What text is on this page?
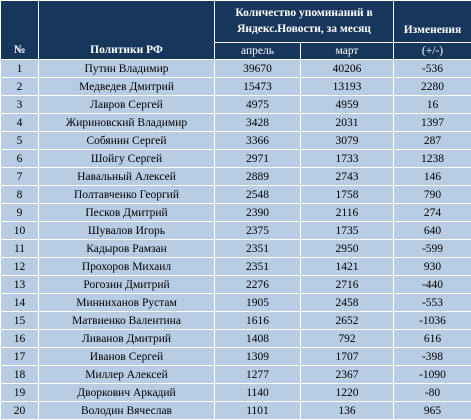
№	Политики РФ	Количество упоминаний в Яндекс.Новости, за месяц		Изменения
		апрель	март	(+/-)
1	Путин Владимир	39670	40206	-536
2	Медведев Дмитрий	15473	13193	2280
3	Лавров Сергей	4975	4959	16
4	Жириновский Владимир	3428	2031	1397
5	Собянин Сергей	3366	3079	287
6	Шойгу Сергей	2971	1733	1238
7	Навальный Алексей	2889	2743	146
8	Полтавченко Георгий	2548	1758	790
9	Песков Дмитрий	2390	2116	274
10	Шувалов Игорь	2375	1735	640
11	Кадыров Рамзан	2351	2950	-599
12	Прохоров Михаил	2351	1421	930
13	Рогозин Дмитрий	2276	2716	-440
14	Минниханов Рустам	1905	2458	-553
15	Матвиенко Валентина	1616	2652	-1036
16	Ливанов Дмитрий	1408	792	616
17	Иванов Сергей	1309	1707	-398
18	Миллер Алексей	1277	2367	-1090
19	Дворкович Аркадий	1140	1220	-80
20	Володин Вячеслав	1101	136	965
